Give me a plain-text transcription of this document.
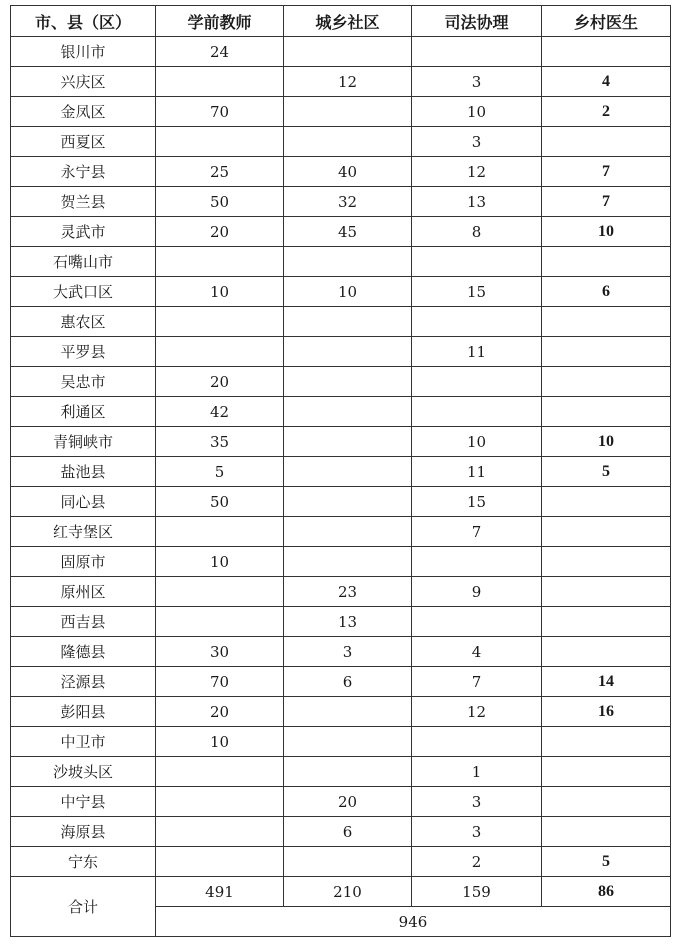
市、县（区）	学前教师	城乡社区	司法协理	乡村医生
银川市	24			
兴庆区		12	3	4
金凤区	70		10	2
西夏区			3	
永宁县	25	40	12	7
贺兰县	50	32	13	7
灵武市	20	45	8	10
石嘴山市				
大武口区	10	10	15	6
惠农区				
平罗县			11	
吴忠市	20			
利通区	42			
青铜峡市	35		10	10
盐池县	5		11	5
同心县	50		15	
红寺堡区			7	
固原市	10			
原州区		23	9	
西吉县		13		
隆德县	30	3	4	
泾源县	70	6	7	14
彭阳县	20		12	16
中卫市	10			
沙坡头区			1	
中宁县		20	3	
海原县		6	3	
宁东			2	5
合计	491	210	159	86
	946			
